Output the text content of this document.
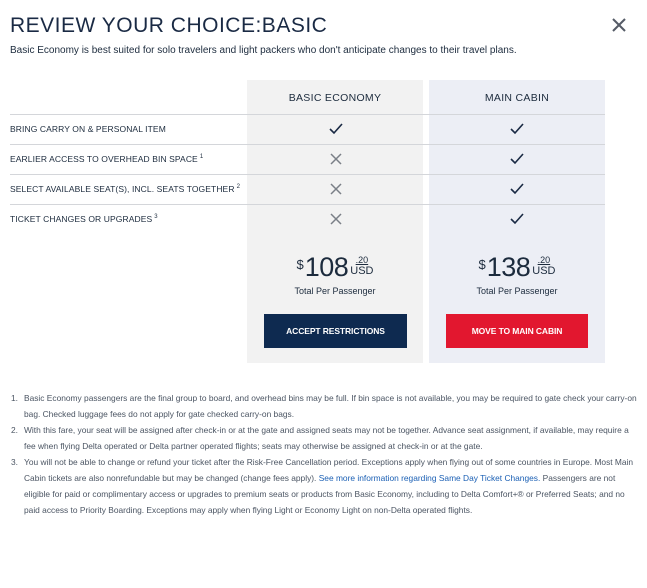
REVIEW YOUR CHOICE:BASIC

Basic Economy is best suited for solo travelers and light packers who don't anticipate changes to their travel plans.

BASIC ECONOMY	MAIN CABIN
BRING CARRY ON & PERSONAL ITEM
EARLIER ACCESS TO OVERHEAD BIN SPACE $^1$
SELECT AVAILABLE SEAT(S), INCL. SEATS TOGETHER $^2$
TICKET CHANGES OR UPGRADES $^3$
$ 108 .20
USD
Total Per Passenger
$ 138 .20
USD
Total Per Passenger
ACCEPT RESTRICTIONS	MOVE TO MAIN CABIN
1. Basic Economy passengers are the final group to board, and overhead bins may be full. If bin space is not available, you may be required to gate check your carry-on bag. Checked luggage fees do not apply for gate checked carry-on bags.
2. With this fare, your seat will be assigned after check-in or at the gate and assigned seats may not be together. Advance seat assignment, if available, may require a fee when flying Delta operated or Delta partner operated flights; seats may otherwise be assigned at check-in or at the gate.
3. You will not be able to change or refund your ticket after the Risk-Free Cancellation period. Exceptions apply when flying out of some countries in Europe. Most Main Cabin tickets are also nonrefundable but may be changed (change fees apply). See more information regarding Same Day Ticket Changes. Passengers are not eligible for paid or complimentary access or upgrades to premium seats or products from Basic Economy, including to Delta Comfort+® or Preferred Seats; and no paid access to Priority Boarding. Exceptions may apply when flying Light or Economy Light on non-Delta operated flights.
